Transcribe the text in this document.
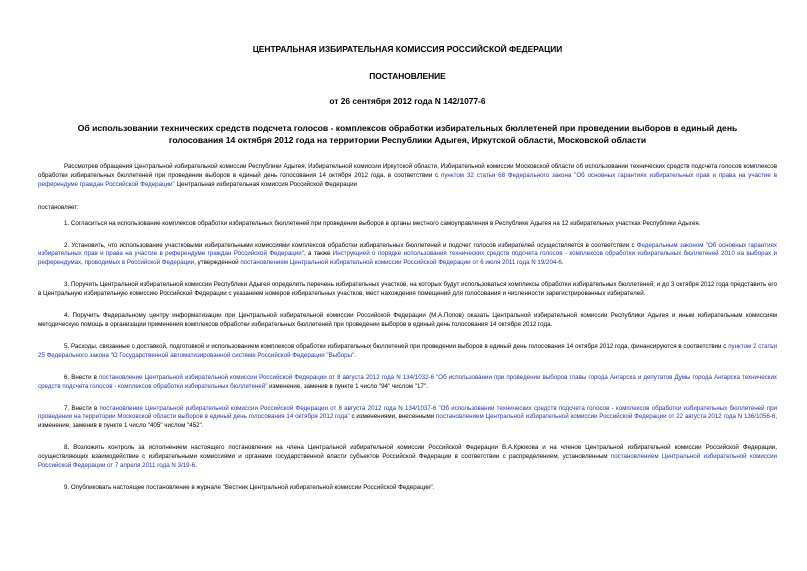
ЦЕНТРАЛЬНАЯ ИЗБИРАТЕЛЬНАЯ КОМИССИЯ РОССИЙСКОЙ ФЕДЕРАЦИИ
ПОСТАНОВЛЕНИЕ
от 26 сентября 2012 года N 142/1077-6
Об использовании технических средств подсчета голосов - комплексов обработки избирательных бюллетеней при проведении выборов в единый день голосования 14 октября 2012 года на территории Республики Адыгея, Иркутской области, Московской области

Рассмотрев обращения Центральной избирательной комиссии Республики Адыгея, Избирательной комиссии Иркутской области, Избирательной комиссии Московской области об использовании технических средств подсчета голосов комплексов обработки избирательных бюллетеней при проведении выборов в единый день голосования 14 октября 2012 года, в соответствии с пунктом 32 статьи 68 Федерального закона "Об основных гарантиях избирательных прав и права на участие в референдуме граждан Российской Федерации" Центральная избирательная комиссия Российской Федерации

постановляет:

1. Согласиться на использование комплексов обработки избирательных бюллетеней при проведении выборов в органы местного самоуправления в Республике Адыгея на 12 избирательных участках Республики Адыгея.

2. Установить, что использование участковыми избирательными комиссиями комплексов обработки избирательных бюллетеней и подсчет голосов избирателей осуществляется в соответствии с Федеральным законом "Об основных гарантиях избирательных прав и права на участие в референдуме граждан Российской Федерации", а также Инструкцией о порядке использования технических средств подсчета голосов - комплексов обработки избирательных бюллетеней 2010 на выборах и референдумах, проводимых в Российской Федерации, утвержденной постановлением Центральной избирательной комиссии Российской Федерации от 6 июля 2011 года N 19/204-6.

3. Поручить Центральной избирательной комиссии Республики Адыгея определить перечень избирательных участков, на которых будут использоваться комплексы обработки избирательных бюллетеней, и до 3 октября 2012 года представить его в Центральную избирательную комиссию Российской Федерации с указанием номеров избирательных участков, мест нахождения помещений для голосования и численности зарегистрированных избирателей.

4. Поручить Федеральному центру информатизации при Центральной избирательной комиссии Российской Федерации (М.А.Попов) оказать Центральной избирательной комиссии Республики Адыгея и иным избирательным комиссиям методическую помощь в организации применения комплексов обработки избирательных бюллетеней при проведении выборов в единый день голосования 14 октября 2012 года.

5. Расходы, связанные с доставкой, подготовкой и использованием комплексов обработки избирательных бюллетеней при проведении выборов в единый день голосования 14 октября 2012 года, финансируются в соответствии с пунктом 2 статьи 25 Федерального закона "О Государственной автоматизированной системе Российской Федерации "Выборы".

6. Внести в постановление Центральной избирательной комиссии Российской Федерации от 8 августа 2012 года N 134/1032-6 "Об использовании при проведении выборов главы города Ангарска и депутатов Думы города Ангарска технических средств подсчета голосов - комплексов обработки избирательных бюллетеней" изменение, заменив в пункте 1 число "94" числом "17".

7. Внести в постановление Центральной избирательной комиссии Российской Федерации от 8 августа 2012 года N 134/1037-6 "Об использовании технических средств подсчета голосов - комплексов обработки избирательных бюллетеней при проведении на территории Московской области выборов в единый день голосования 14 октября 2012 года" с изменениями, внесенными постановлением Центральной избирательной комиссии Российской Федерации от 22 августа 2012 года N 136/1056-6, изменение, заменив в пункте 1 число "405" числом "452".

8. Возложить контроль за исполнением настоящего постановления на члена Центральной избирательной комиссии Российской Федерации В.А.Крюкова и на членов Центральной избирательной комиссии Российской Федерации, осуществляющих взаимодействие с избирательными комиссиями и органами государственной власти субъектов Российской Федерации в соответствии с распределением, установленным постановлением Центральной избирательной комиссии Российской Федерации от 7 апреля 2011 года N 3/19-6.

9. Опубликовать настоящее постановление в журнале "Вестник Центральной избирательной комиссии Российской Федерации".
